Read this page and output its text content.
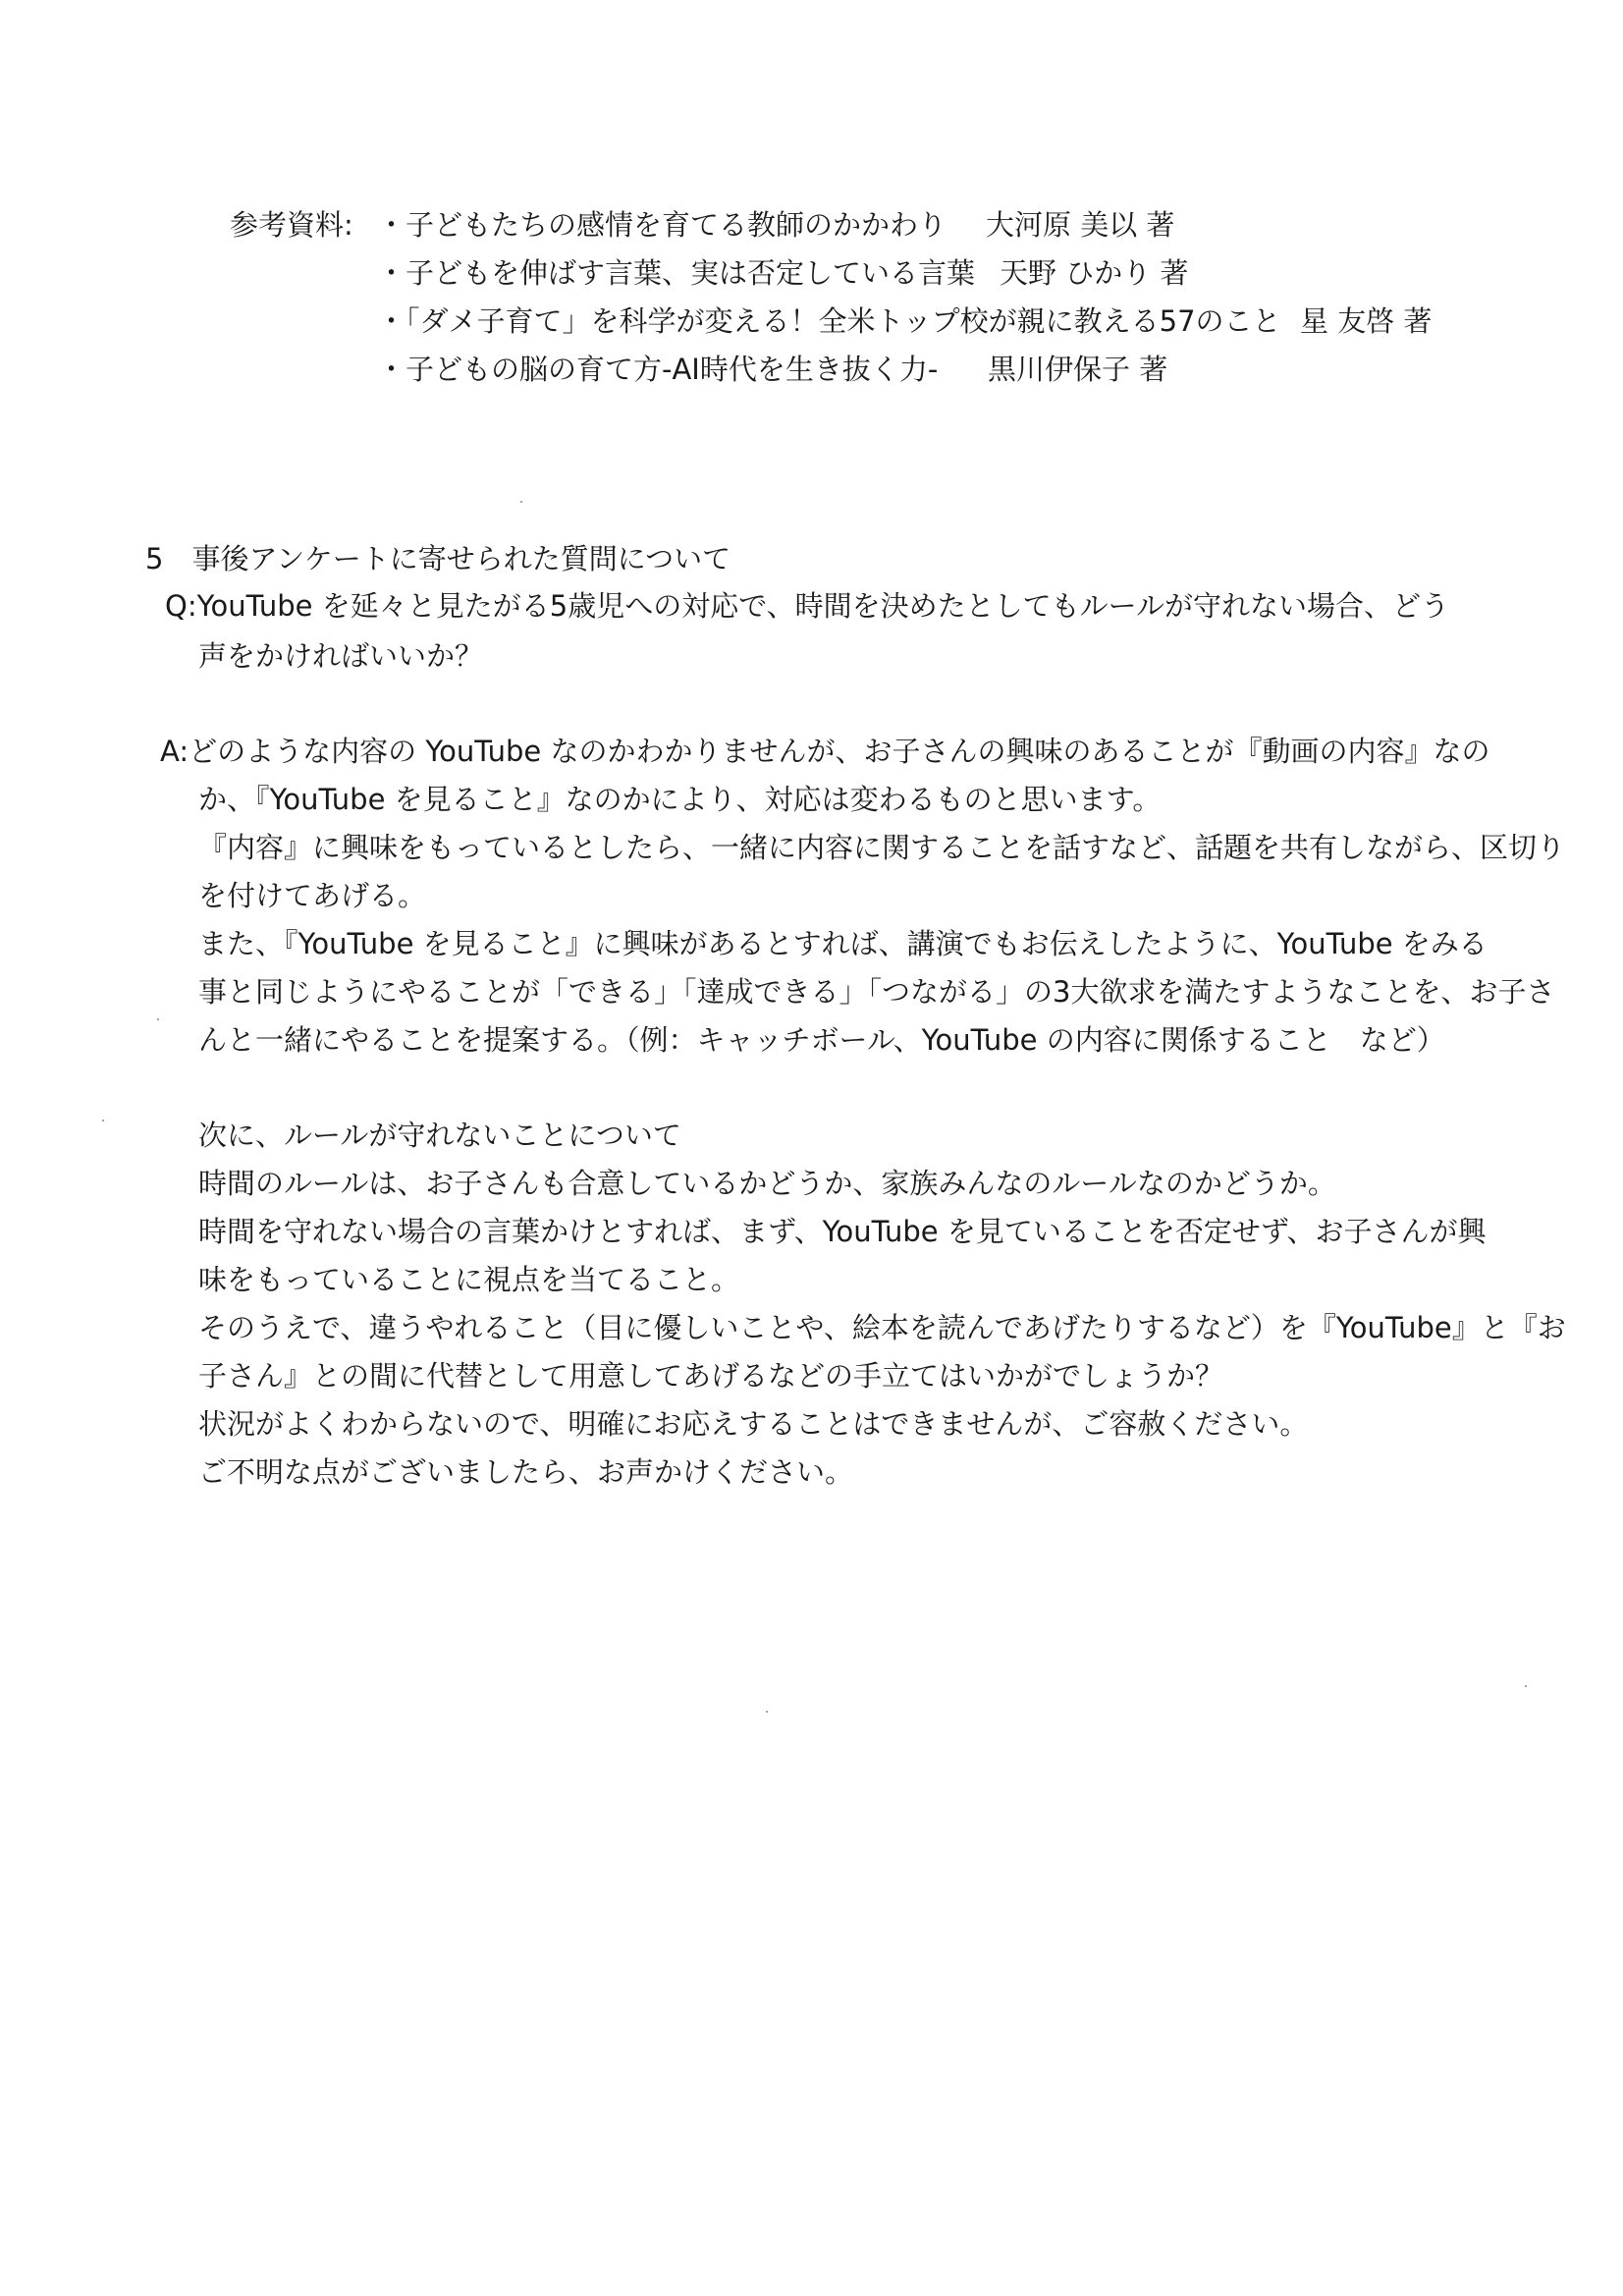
参考資料: ・子どもたちの感情を育てる教師のかかわり 大河原 美以 著
・子どもを伸ばす言葉、実は否定している言葉 天野 ひかり 著
・「ダメ子育て」を科学が変える！全米トップ校が親に教える57のこと 星 友啓 著
・子どもの脳の育て方-AI時代を生き抜く力- 黒川伊保子 著
5　事後アンケートに寄せられた質問について
Q:YouTube を延々と見たがる5歳児への対応で、時間を決めたとしてもルールが守れない場合、どう
声をかければいいか？
A:どのような内容の YouTube なのかわかりませんが、お子さんの興味のあることが『動画の内容』なの
か、『YouTube を見ること』なのかにより、対応は変わるものと思います。
『内容』に興味をもっているとしたら、一緒に内容に関することを話すなど、話題を共有しながら、区切り
を付けてあげる。
また、『YouTube を見ること』に興味があるとすれば、講演でもお伝えしたように、YouTube をみる
事と同じようにやることが「できる」「達成できる」「つながる」の3大欲求を満たすようなことを、お子さ
んと一緒にやることを提案する。（例：キャッチボール、YouTube の内容に関係すること　など）
次に、ルールが守れないことについて
時間のルールは、お子さんも合意しているかどうか、家族みんなのルールなのかどうか。
時間を守れない場合の言葉かけとすれば、まず、YouTube を見ていることを否定せず、お子さんが興
味をもっていることに視点を当てること。
そのうえで、違うやれること（目に優しいことや、絵本を読んであげたりするなど）を『YouTube』と『お
子さん』との間に代替として用意してあげるなどの手立てはいかがでしょうか？
状況がよくわからないので、明確にお応えすることはできませんが、ご容赦ください。
ご不明な点がございましたら、お声かけください。
